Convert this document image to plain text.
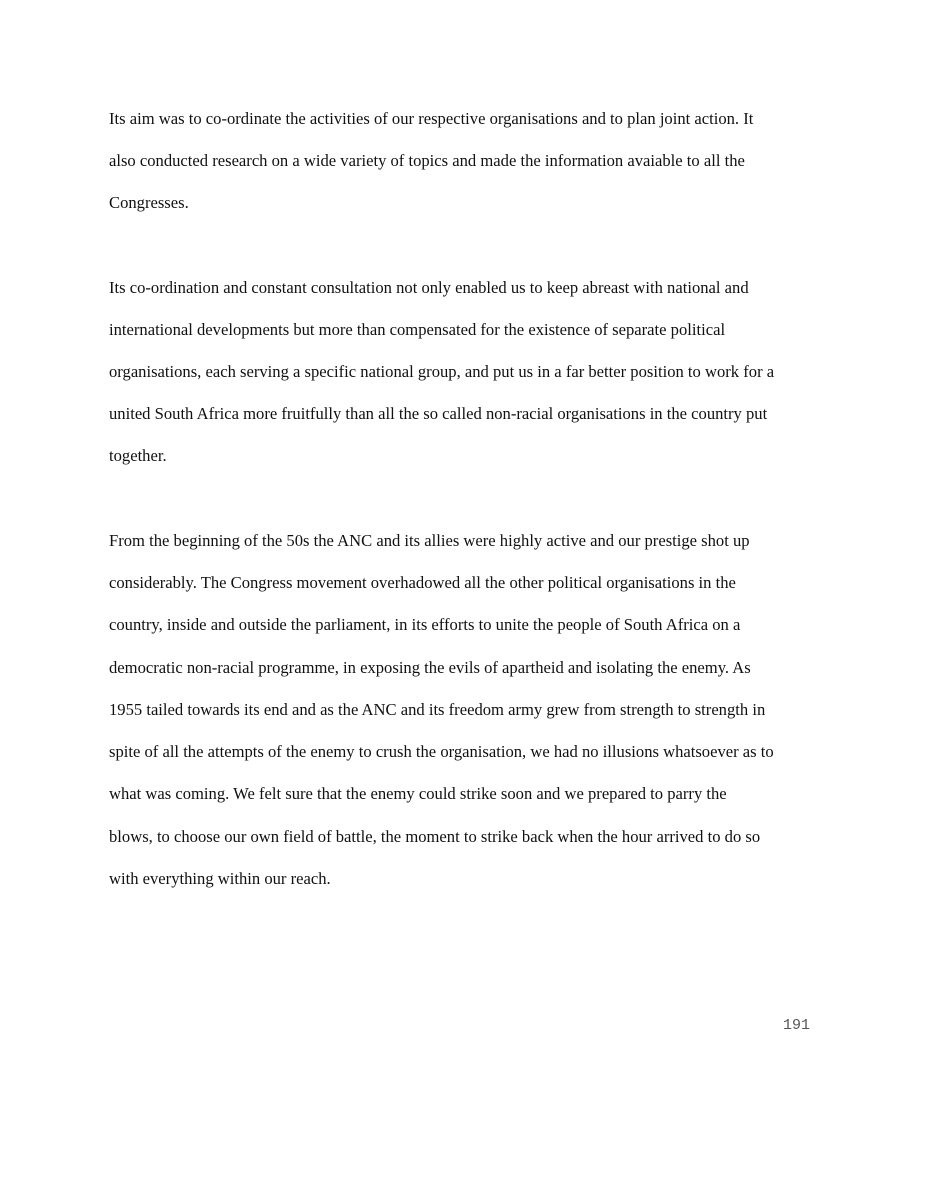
Its aim was to co-ordinate the activities of our respective organisations and to plan joint action. It
also conducted research on a wide variety of topics and made the information avaiable to all the
Congresses.
Its co-ordination and constant consultation not only enabled us to keep abreast with national and
international developments but more than compensated for the existence of separate political
organisations, each serving a specific national group, and put us in a far better position to work for a
united South Africa more fruitfully than all the so called non-racial organisations in the country put
together.
From the beginning of the 50s the ANC and its allies were highly active and our prestige shot up
considerably. The Congress movement overhadowed all the other political organisations in the
country, inside and outside the parliament, in its efforts to unite the people of South Africa on a
democratic non-racial programme, in exposing the evils of apartheid and isolating the enemy. As
1955 tailed towards its end and as the ANC and its freedom army grew from strength to strength in
spite of all the attempts of the enemy to crush the organisation, we had no illusions whatsoever as to
what was coming. We felt sure that the enemy could strike soon and we prepared to parry the
blows, to choose our own field of battle, the moment to strike back when the hour arrived to do so
with everything within our reach.
191
